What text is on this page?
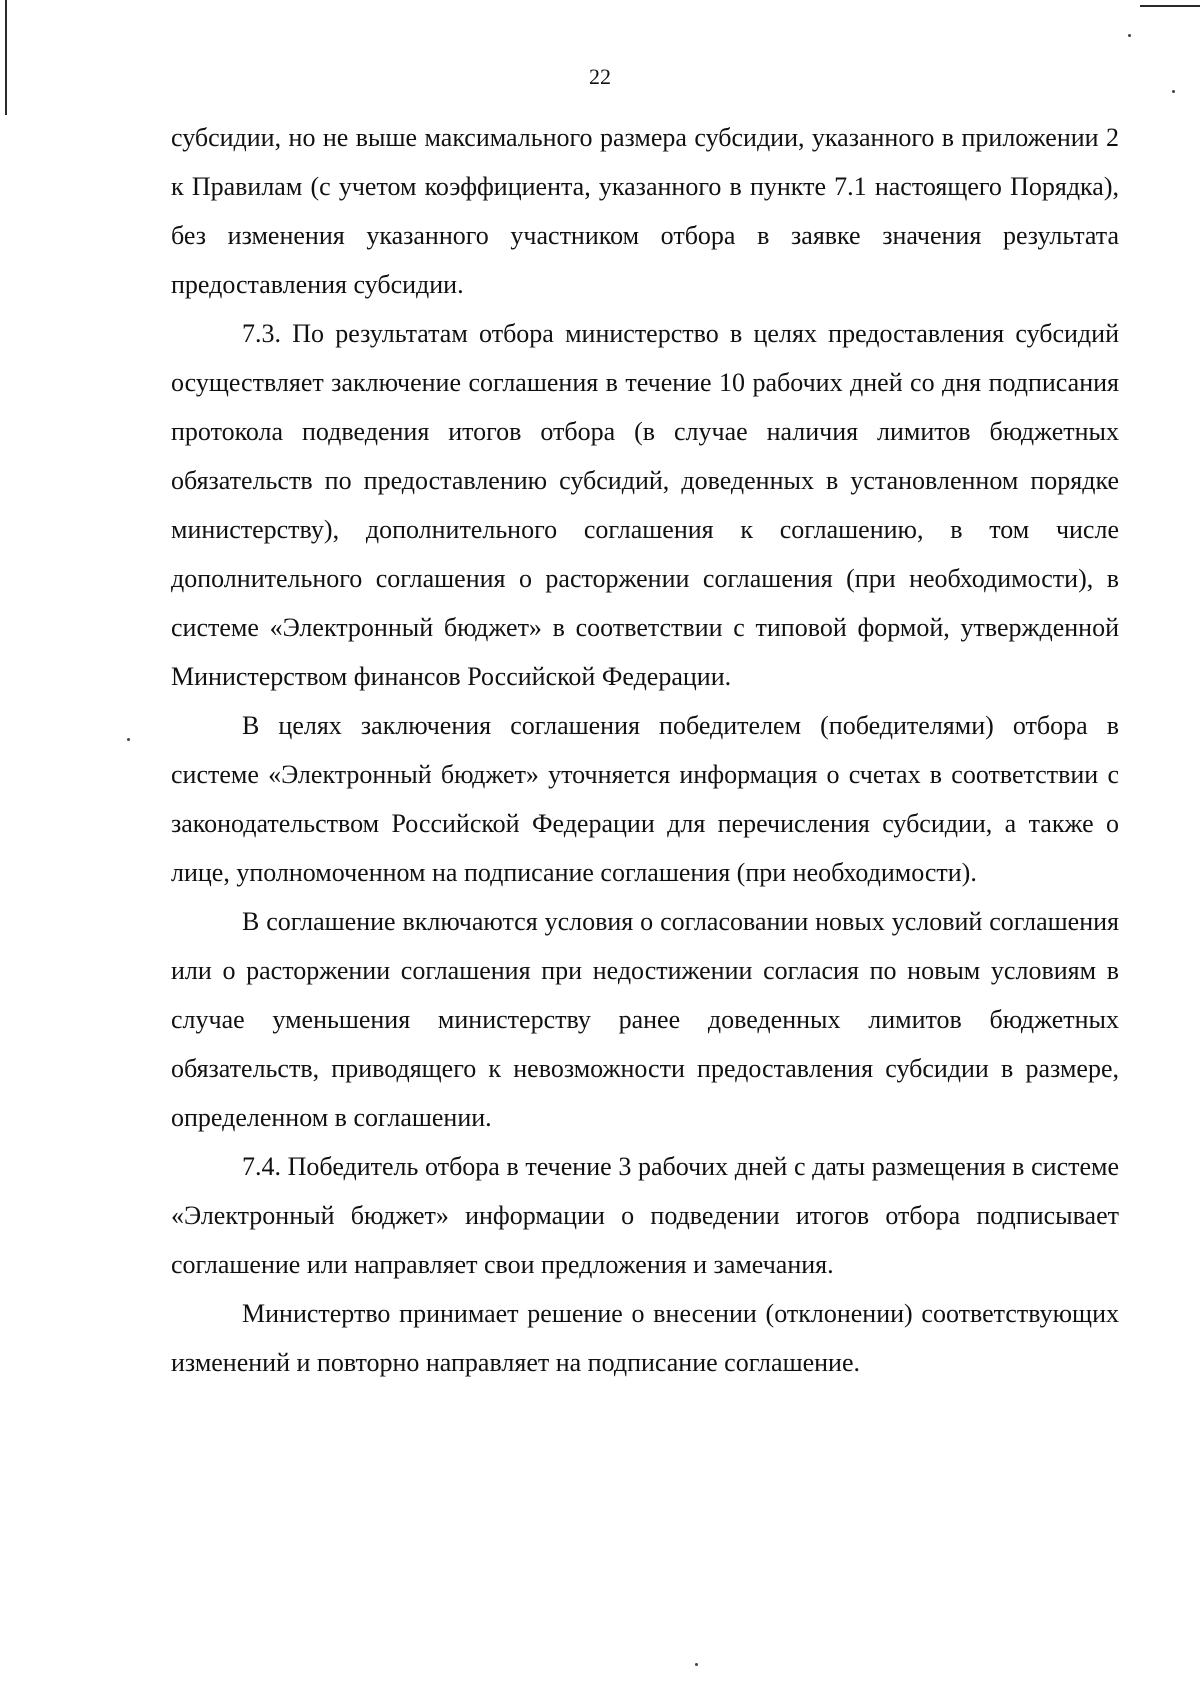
22

субсидии, но не выше максимального размера субсидии, указанного в приложении 2 к Правилам (с учетом коэффициента, указанного в пункте 7.1 настоящего Порядка), без изменения указанного участником отбора в заявке значения результата предоставления субсидии.

7.3. По результатам отбора министерство в целях предоставления субсидий осуществляет заключение соглашения в течение 10 рабочих дней со дня подписания протокола подведения итогов отбора (в случае наличия лимитов бюджетных обязательств по предоставлению субсидий, доведенных в установленном порядке министерству), дополнительного соглашения к соглашению, в том числе дополнительного соглашения о расторжении соглашения (при необходимости), в системе «Электронный бюджет» в соответствии с типовой формой, утвержденной Министерством финансов Российской Федерации.

В целях заключения соглашения победителем (победителями) отбора в системе «Электронный бюджет» уточняется информация о счетах в соответствии с законодательством Российской Федерации для перечисления субсидии, а также о лице, уполномоченном на подписание соглашения (при необходимости).

В соглашение включаются условия о согласовании новых условий соглашения или о расторжении соглашения при недостижении согласия по новым условиям в случае уменьшения министерству ранее доведенных лимитов бюджетных обязательств, приводящего к невозможности предоставления субсидии в размере, определенном в соглашении.

7.4. Победитель отбора в течение 3 рабочих дней с даты размещения в системе «Электронный бюджет» информации о подведении итогов отбора подписывает соглашение или направляет свои предложения и замечания.

Министертво принимает решение о внесении (отклонении) соответствующих изменений и повторно направляет на подписание соглашение.
